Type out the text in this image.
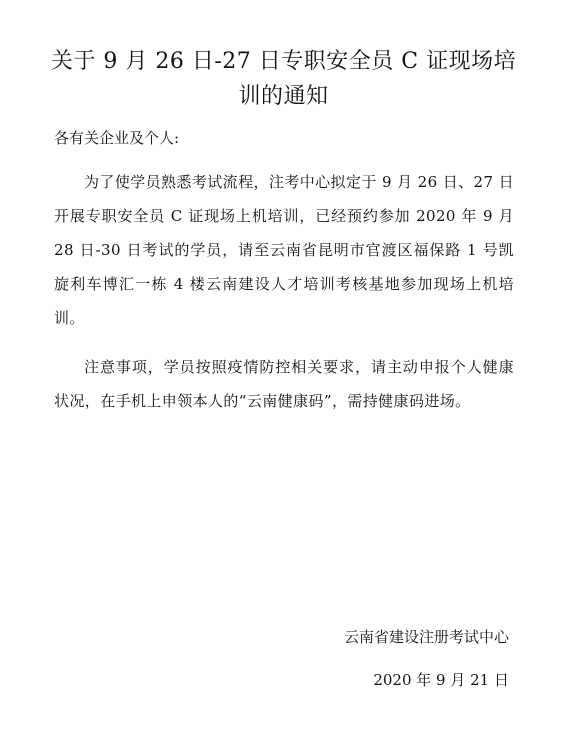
关于 9 月 26 日-27 日专职安全员 C 证现场培训的通知

各有关企业及个人:

为了使学员熟悉考试流程，注考中心拟定于 9 月 26 日、27 日开展专职安全员 C 证现场上机培训，已经预约参加 2020 年 9 月 28 日-30 日考试的学员，请至云南省昆明市官渡区福保路 1 号凯旋利车博汇一栋 4 楼云南建设人才培训考核基地参加现场上机培训。

注意事项，学员按照疫情防控相关要求，请主动申报个人健康状况，在手机上申领本人的“云南健康码”，需持健康码进场。

云南省建设注册考试中心

2020 年 9 月 21 日
